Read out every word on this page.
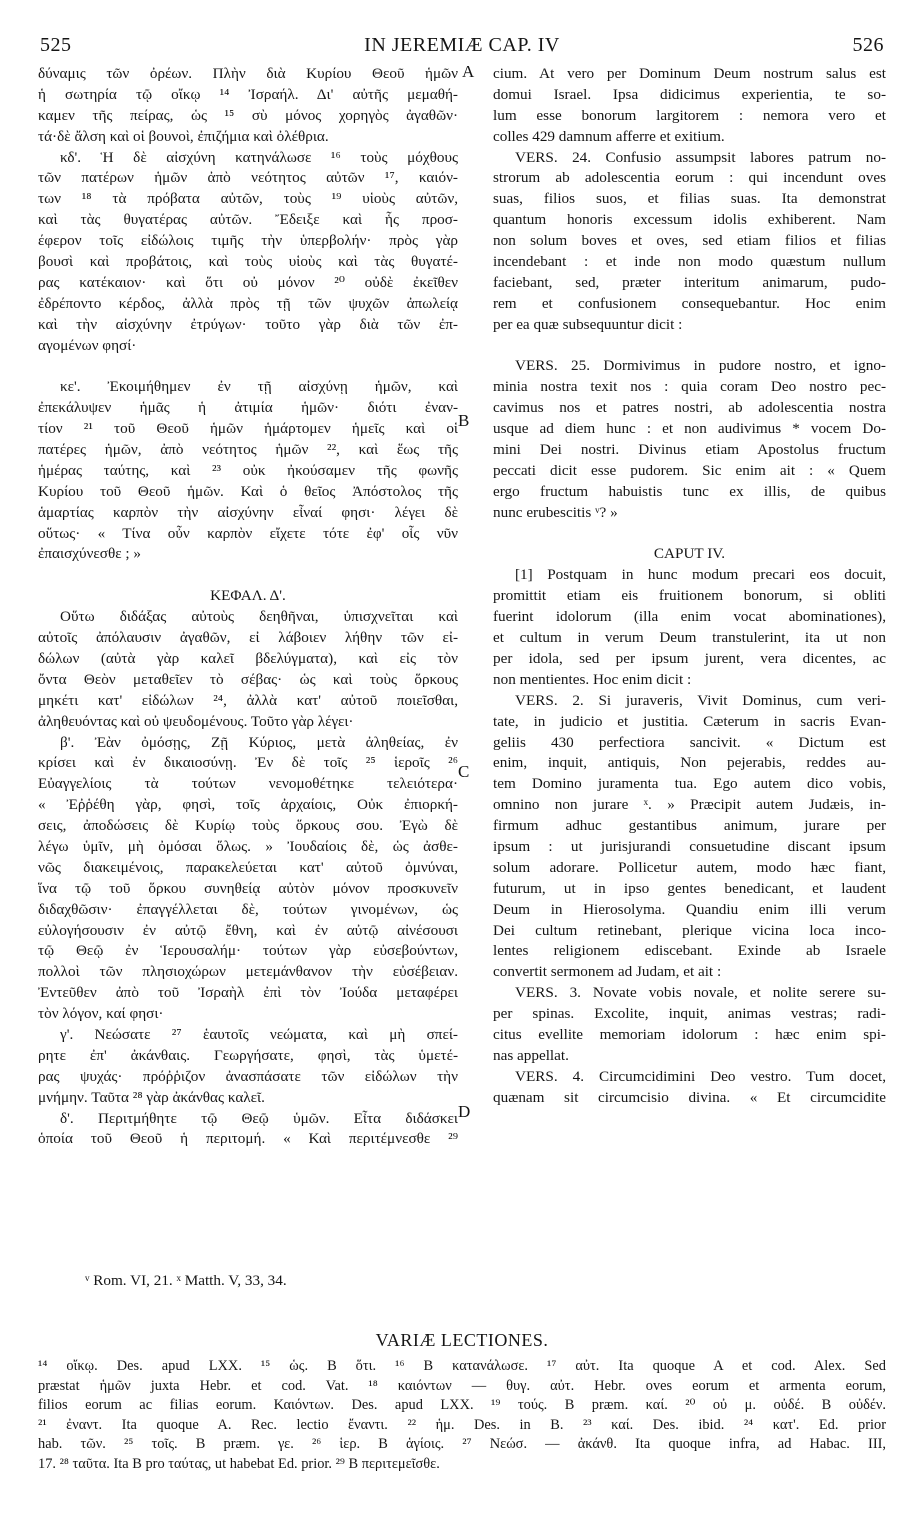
525	IN JEREMIÆ CAP. IV	526
δύναμις τῶν ὀρέων. Πλὴν διὰ Κυρίου Θεοῦ ἡμῶν
ἡ σωτηρία τῷ οἴκῳ ¹⁴ Ἰσραήλ. Δι' αὐτῆς μεμαθή-
καμεν τῆς πείρας, ὡς ¹⁵ σὺ μόνος χορηγὸς ἀγαθῶν·
τά·δὲ ἄλση καὶ οἱ βουνοὶ, ἐπιζήμια καὶ ὀλέθρια.
κδ'. Ἡ δὲ αἰσχύνη κατηνάλωσε ¹⁶ τοὺς μόχθους
τῶν πατέρων ἡμῶν ἀπὸ νεότητος αὐτῶν ¹⁷, καιόν-
των ¹⁸ τὰ πρόβατα αὐτῶν, τοὺς ¹⁹ υἱοὺς αὐτῶν,
καὶ τὰς θυγατέρας αὐτῶν. Ἔδειξε καὶ ἧς προσ-
έφερον τοῖς εἰδώλοις τιμῆς τὴν ὑπερβολήν· πρὸς γὰρ
βουσὶ καὶ προβάτοις, καὶ τοὺς υἱοὺς καὶ τὰς θυγατέ-
ρας κατέκαιον· καὶ ὅτι οὐ μόνον ²⁰ οὐδὲ ἐκεῖθεν
ἐδρέποντο κέρδος, ἀλλὰ πρὸς τῇ τῶν ψυχῶν ἀπωλείᾳ
καὶ τὴν αἰσχύνην ἐτρύγων· τοῦτο γὰρ διὰ τῶν ἐπ-
αγομένων φησί·
κε'. Ἐκοιμήθημεν ἐν τῇ αἰσχύνῃ ἡμῶν, καὶ
ἐπεκάλυψεν ἡμᾶς ἡ ἀτιμία ἡμῶν· διότι ἐναν-
τίον ²¹ τοῦ Θεοῦ ἡμῶν ἡμάρτομεν ἡμεῖς καὶ οἱ
πατέρες ἡμῶν, ἀπὸ νεότητος ἡμῶν ²², καὶ ἕως τῆς
ἡμέρας ταύτης, καὶ ²³ οὐκ ἠκούσαμεν τῆς φωνῆς
Κυρίου τοῦ Θεοῦ ἡμῶν. Καὶ ὁ θεῖος Ἀπόστολος τῆς
ἁμαρτίας καρπὸν τὴν αἰσχύνην εἶναί φησι· λέγει δὲ
οὕτως· « Τίνα οὖν καρπὸν εἴχετε τότε ἐφ' οἷς νῦν
ἐπαισχύνεσθε ; »
ΚΕΦΑΛ. Δ'.
Οὕτω διδάξας αὐτοὺς δεηθῆναι, ὑπισχνεῖται καὶ
αὐτοῖς ἀπόλαυσιν ἀγαθῶν, εἰ λάβοιεν λήθην τῶν εἰ-
δώλων (αὐτὰ γὰρ καλεῖ βδελύγματα), καὶ εἰς τὸν
ὄντα Θεὸν μεταθεῖεν τὸ σέβας· ὡς καὶ τοὺς ὅρκους
μηκέτι κατ' εἰδώλων ²⁴, ἀλλὰ κατ' αὐτοῦ ποιεῖσθαι,
ἀληθευόντας καὶ οὐ ψευδομένους. Τοῦτο γὰρ λέγει·
β'. Ἐὰν ὀμόσῃς, Ζῇ Κύριος, μετὰ ἀληθείας, ἐν
κρίσει καὶ ἐν δικαιοσύνῃ. Ἐν δὲ τοῖς ²⁵ ἱεροῖς ²⁶
Εὐαγγελίοις τὰ τούτων νενομοθέτηκε τελειότερα·
« Ἐῤῥέθη γὰρ, φησὶ, τοῖς ἀρχαίοις, Οὐκ ἐπιορκή-
σεις, ἀποδώσεις δὲ Κυρίῳ τοὺς ὅρκους σου. Ἐγὼ δὲ
λέγω ὑμῖν, μὴ ὀμόσαι ὅλως. » Ἰουδαίοις δὲ, ὡς ἀσθε-
νῶς διακειμένοις, παρακελεύεται κατ' αὐτοῦ ὀμνύναι,
ἵνα τῷ τοῦ ὅρκου συνηθείᾳ αὐτὸν μόνον προσκυνεῖν
διδαχθῶσιν· ἐπαγγέλλεται δὲ, τούτων γινομένων, ὡς
εὐλογήσουσιν ἐν αὐτῷ ἔθνη, καὶ ἐν αὐτῷ αἰνέσουσι
τῷ Θεῷ ἐν Ἱερουσαλήμ· τούτων γὰρ εὐσεβούντων,
πολλοὶ τῶν πλησιοχώρων μετεμάνθανον τὴν εὐσέβειαν.
Ἐντεῦθεν ἀπὸ τοῦ Ἰσραὴλ ἐπὶ τὸν Ἰούδα μεταφέρει
τὸν λόγον, καί φησι·
γ'. Νεώσατε ²⁷ ἑαυτοῖς νεώματα, καὶ μὴ σπεί-
ρητε ἐπ' ἀκάνθαις. Γεωργήσατε, φησὶ, τὰς ὑμετέ-
ρας ψυχάς· πρόῤῥιζον ἀνασπάσατε τῶν εἰδώλων τὴν
μνήμην. Ταῦτα ²⁸ γὰρ ἀκάνθας καλεῖ.
δ'. Περιτμήθητε τῷ Θεῷ ὑμῶν. Εἶτα διδάσκει
ὁποία τοῦ Θεοῦ ἡ περιτομή. « Καὶ περιτέμνεσθε ²⁹
cium. At vero per Dominum Deum nostrum salus est
domui Israel. Ipsa didicimus experientia, te so-
lum esse bonorum largitorem : nemora vero et
colles 429 damnum afferre et exitium.
VERS. 24. Confusio assumpsit labores patrum no-
strorum ab adolescentia eorum : qui incendunt oves
suas, filios suos, et filias suas. Ita demonstrat
quantum honoris excessum idolis exhiberent. Nam
non solum boves et oves, sed etiam filios et filias
incendebant : et inde non modo quæstum nullum
faciebant, sed, præter interitum animarum, pudo-
rem et confusionem consequebantur. Hoc enim
per ea quæ subsequuntur dicit :
VERS. 25. Dormivimus in pudore nostro, et igno-
minia nostra texit nos : quia coram Deo nostro pec-
cavimus nos et patres nostri, ab adolescentia nostra
usque ad diem hunc : et non audivimus * vocem Do-
mini Dei nostri. Divinus etiam Apostolus fructum
peccati dicit esse pudorem. Sic enim ait : « Quem
ergo fructum habuistis tunc ex illis, de quibus
nunc erubescitis ᵛ? »
CAPUT IV.
[1] Postquam in hunc modum precari eos docuit,
promittit etiam eis fruitionem bonorum, si obliti
fuerint idolorum (illa enim vocat abominationes),
et cultum in verum Deum transtulerint, ita ut non
per idola, sed per ipsum jurent, vera dicentes, ac
non mentientes. Hoc enim dicit :
VERS. 2. Si juraveris, Vivit Dominus, cum veri-
tate, in judicio et justitia. Cæterum in sacris Evan-
geliis 430 perfectiora sancivit. « Dictum est
enim, inquit, antiquis, Non pejerabis, reddes au-
tem Domino juramenta tua. Ego autem dico vobis,
omnino non jurare ˣ. » Præcipit autem Judæis, in-
firmum adhuc gestantibus animum, jurare per
ipsum : ut jurisjurandi consuetudine discant ipsum
solum adorare. Pollicetur autem, modo hæc fiant,
futurum, ut in ipso gentes benedicant, et laudent
Deum in Hierosolyma. Quandiu enim illi verum
Dei cultum retinebant, plerique vicina loca inco-
lentes religionem ediscebant. Exinde ab Israele
convertit sermonem ad Judam, et ait :
VERS. 3. Novate vobis novale, et nolite serere su-
per spinas. Excolite, inquit, animas vestras; radi-
citus evellite memoriam idolorum : hæc enim spi-
nas appellat.
VERS. 4. Circumcidimini Deo vestro. Tum docet,
quænam sit circumcisio divina. « Et circumcidite
A
B
C
D
ᵛ Rom. VI, 21. ˣ Matth. V, 33, 34.
VARIÆ LECTIONES.
¹⁴ οἴκῳ. Des. apud LXX. ¹⁵ ὡς. B ὅτι. ¹⁶ B κατανάλωσε. ¹⁷ αὐτ. Ita quoque A et cod. Alex. Sed
præstat ἡμῶν juxta Hebr. et cod. Vat. ¹⁸ καιόντων — θυγ. αὐτ. Hebr. oves eorum et armenta eorum,
filios eorum ac filias eorum. Καιόντων. Des. apud LXX. ¹⁹ τούς. B præm. καί. ²⁰ οὐ μ. οὐδέ. B οὐδέν.
²¹ ἐναντ. Ita quoque A. Rec. lectio ἔναντι. ²² ἡμ. Des. in B. ²³ καί. Des. ibid. ²⁴ κατ'. Ed. prior
hab. τῶν. ²⁵ τοῖς. B præm. γε. ²⁶ ἱερ. B ἁγίοις. ²⁷ Νεώσ. — ἀκάνθ. Ita quoque infra, ad Habac. III,
17. ²⁸ ταῦτα. Ita B pro ταύτας, ut habebat Ed. prior. ²⁹ B περιτεμεῖσθε.
